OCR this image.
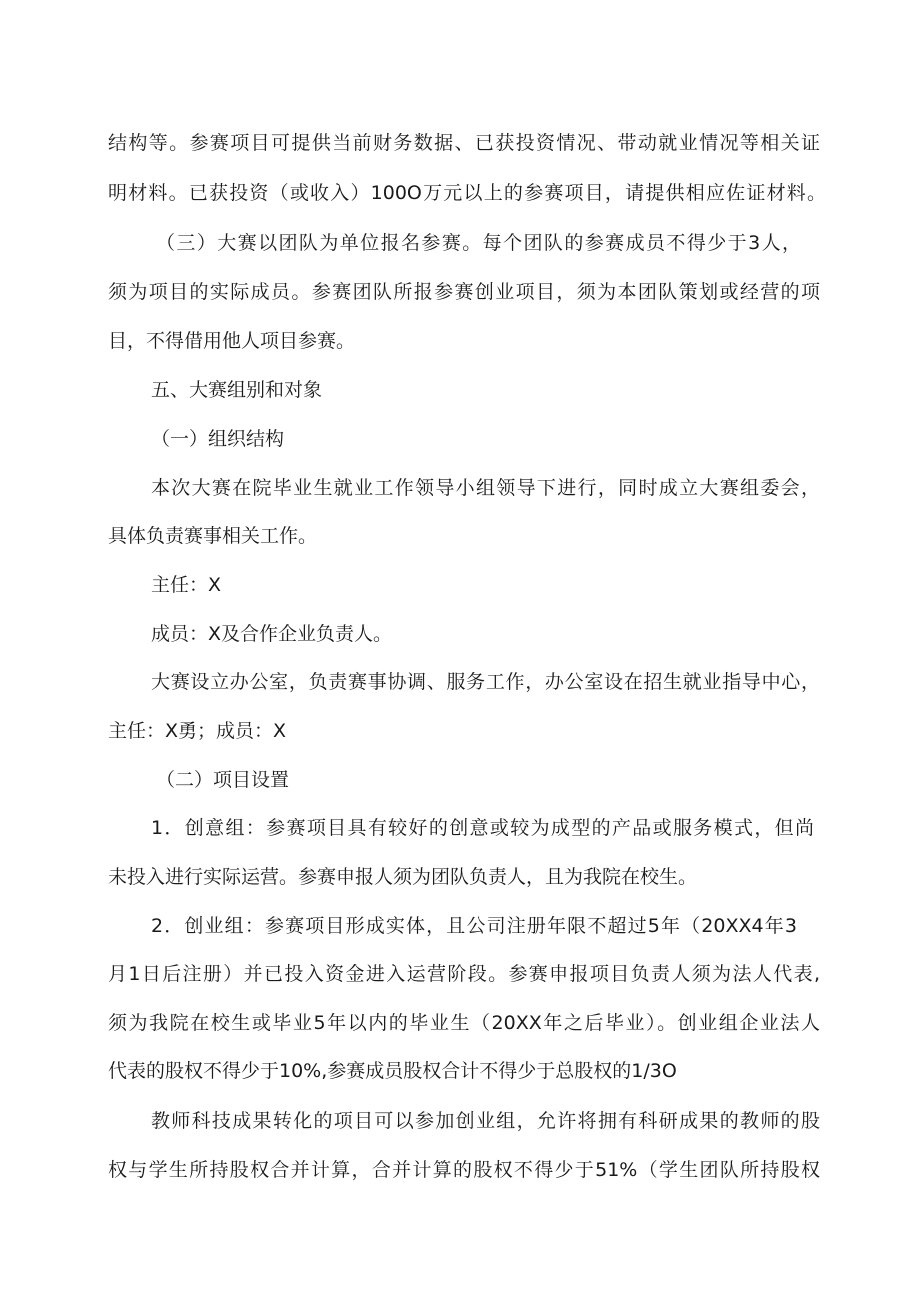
结构等。参赛项目可提供当前财务数据、已获投资情况、带动就业情况等相关证
明材料。已获投资（或收入）100O万元以上的参赛项目，请提供相应佐证材料。
（三）大赛以团队为单位报名参赛。每个团队的参赛成员不得少于3人，
须为项目的实际成员。参赛团队所报参赛创业项目，须为本团队策划或经营的项
目，不得借用他人项目参赛。
五、大赛组别和对象
（一）组织结构
本次大赛在院毕业生就业工作领导小组领导下进行，同时成立大赛组委会，
具体负责赛事相关工作。
主任：X
成员：X及合作企业负责人。
大赛设立办公室，负责赛事协调、服务工作，办公室设在招生就业指导中心，
主任：X勇；成员：X
（二）项目设置
1．创意组：参赛项目具有较好的创意或较为成型的产品或服务模式，但尚
未投入进行实际运营。参赛申报人须为团队负责人，且为我院在校生。
2．创业组：参赛项目形成实体，且公司注册年限不超过5年（20XX4年3
月1日后注册）并已投入资金进入运营阶段。参赛申报项目负责人须为法人代表,
须为我院在校生或毕业5年以内的毕业生（20XX年之后毕业）。创业组企业法人
代表的股权不得少于10%,参赛成员股权合计不得少于总股权的1/3O
教师科技成果转化的项目可以参加创业组，允许将拥有科研成果的教师的股
权与学生所持股权合并计算，合并计算的股权不得少于51%（学生团队所持股权
